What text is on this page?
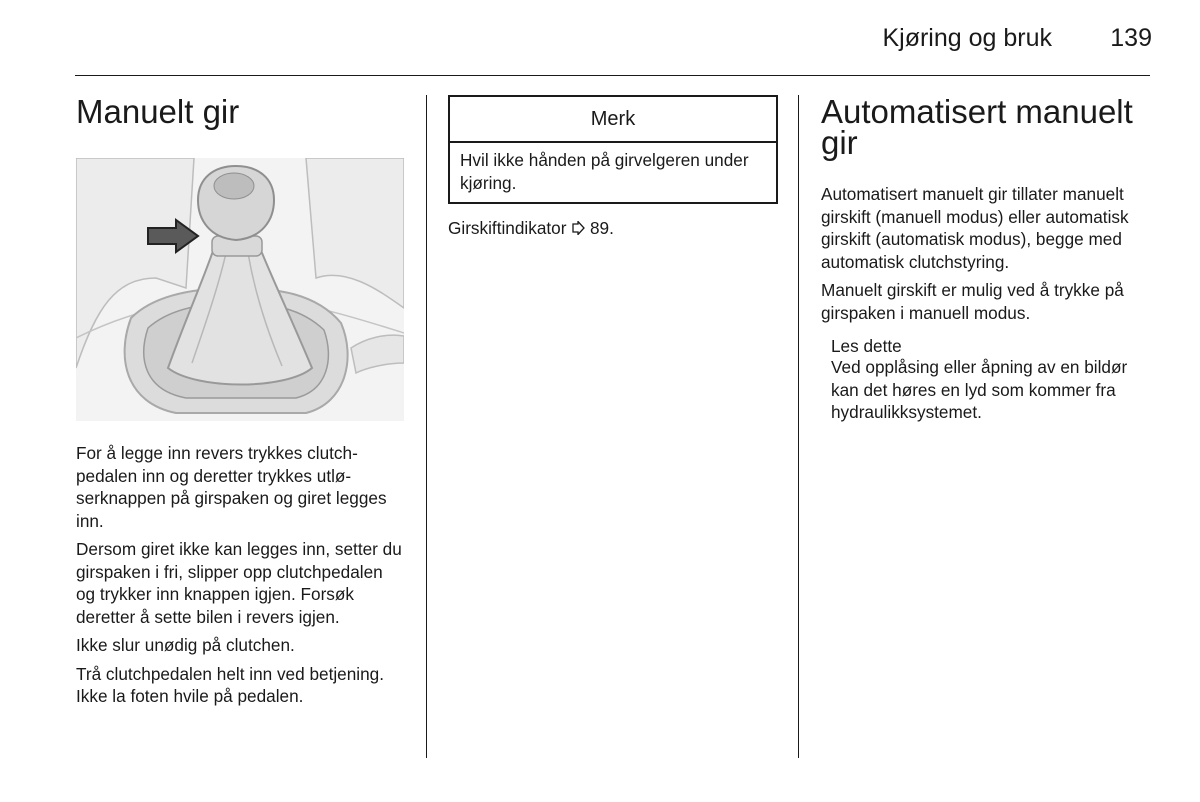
Kjøring og bruk 139
Manuelt gir

For å legge inn revers trykkes clutchpedalen inn og deretter trykkes utløserknappen på girspaken og giret legges inn.

Dersom giret ikke kan legges inn, setter du girspaken i fri, slipper opp clutchpedalen og trykker inn knappen igjen. Forsøk deretter å sette bilen i revers igjen.

Ikke slur unødig på clutchen.

Trå clutchpedalen helt inn ved betjening. Ikke la foten hvile på pedalen.

Merk
Hvil ikke hånden på girvelgeren under kjøring.

Girskiftindikator 89.

Automatisert manuelt gir

Automatisert manuelt gir tillater manuelt girskift (manuell modus) eller automatisk girskift (automatisk modus), begge med automatisk clutchstyring.

Manuelt girskift er mulig ved å trykke på girspaken i manuell modus.

Les dette

Ved opplåsing eller åpning av en bildør kan det høres en lyd som kommer fra hydraulikksystemet.
